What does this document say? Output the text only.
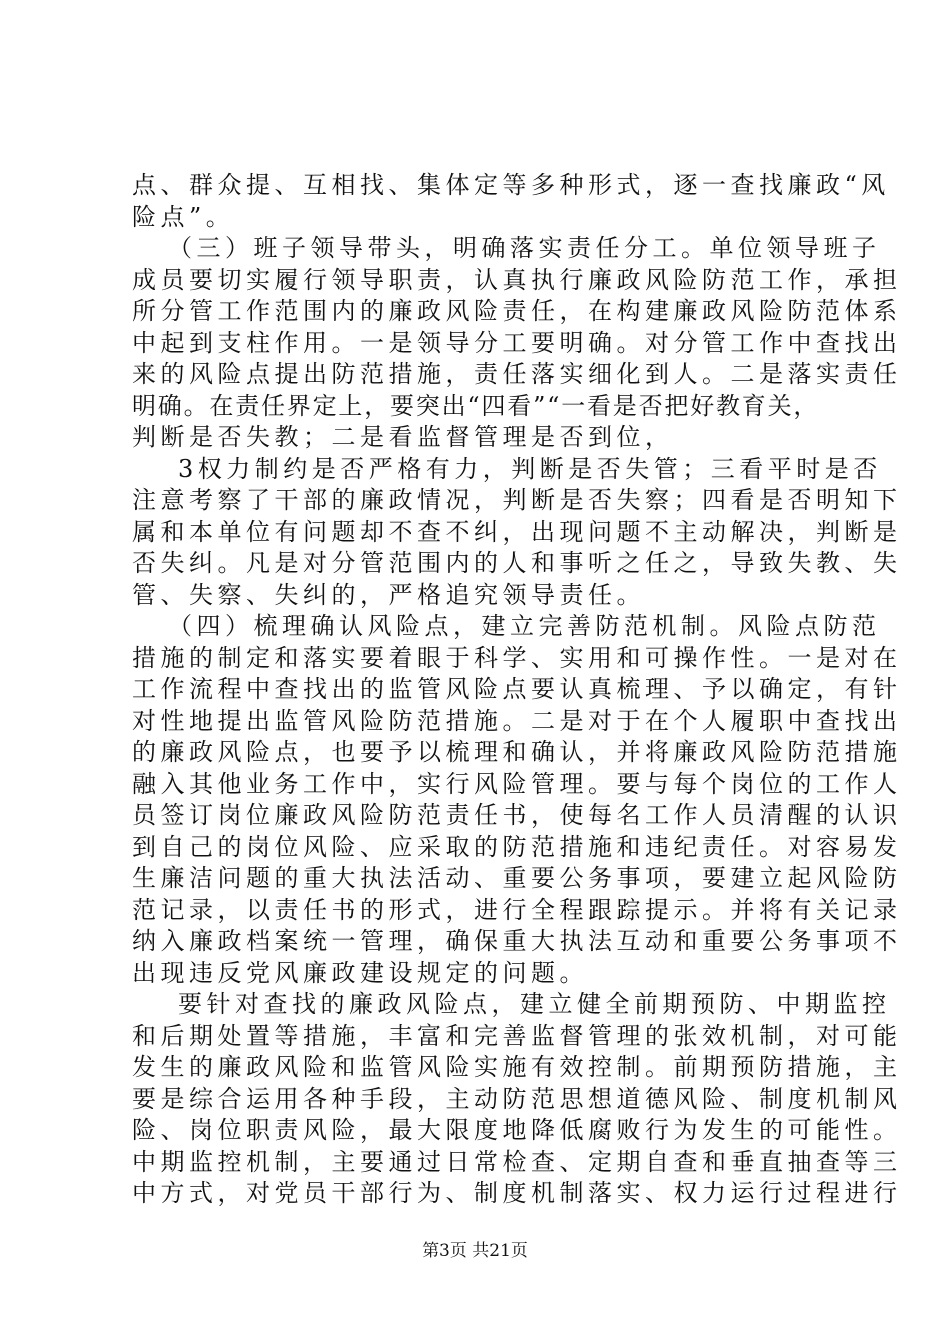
点、群众提、互相找、集体定等多种形式，逐一查找廉政“风
险点”。
（三）班子领导带头，明确落实责任分工。单位领导班子
成员要切实履行领导职责，认真执行廉政风险防范工作，承担
所分管工作范围内的廉政风险责任，在构建廉政风险防范体系
中起到支柱作用。一是领导分工要明确。对分管工作中查找出
来的风险点提出防范措施，责任落实细化到人。二是落实责任
明确。在责任界定上，要突出“四看”“一看是否把好教育关，
判断是否失教；二是看监督管理是否到位，
3权力制约是否严格有力，判断是否失管；三看平时是否
注意考察了干部的廉政情况，判断是否失察；四看是否明知下
属和本单位有问题却不查不纠，出现问题不主动解决，判断是
否失纠。凡是对分管范围内的人和事听之任之，导致失教、失
管、失察、失纠的，严格追究领导责任。
（四）梳理确认风险点，建立完善防范机制。风险点防范
措施的制定和落实要着眼于科学、实用和可操作性。一是对在
工作流程中查找出的监管风险点要认真梳理、予以确定，有针
对性地提出监管风险防范措施。二是对于在个人履职中查找出
的廉政风险点，也要予以梳理和确认，并将廉政风险防范措施
融入其他业务工作中，实行风险管理。要与每个岗位的工作人
员签订岗位廉政风险防范责任书，使每名工作人员清醒的认识
到自己的岗位风险、应采取的防范措施和违纪责任。对容易发
生廉洁问题的重大执法活动、重要公务事项，要建立起风险防
范记录，以责任书的形式，进行全程跟踪提示。并将有关记录
纳入廉政档案统一管理，确保重大执法互动和重要公务事项不
出现违反党风廉政建设规定的问题。
要针对查找的廉政风险点，建立健全前期预防、中期监控
和后期处置等措施，丰富和完善监督管理的张效机制，对可能
发生的廉政风险和监管风险实施有效控制。前期预防措施，主
要是综合运用各种手段，主动防范思想道德风险、制度机制风
险、岗位职责风险，最大限度地降低腐败行为发生的可能性。
中期监控机制，主要通过日常检查、定期自查和垂直抽查等三
中方式，对党员干部行为、制度机制落实、权力运行过程进行
第3页 共21页
